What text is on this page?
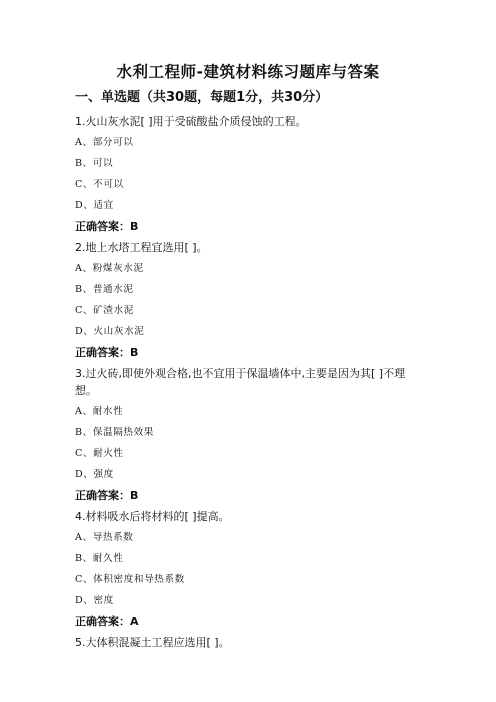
水利工程师-建筑材料练习题库与答案
一、单选题（共30题，每题1分，共30分）

1.火山灰水泥[ ]用于受硫酸盐介质侵蚀的工程。

A、部分可以

B、可以

C、不可以

D、适宜

正确答案：B

2.地上水塔工程宜选用[ ]。

A、粉煤灰水泥

B、普通水泥

C、矿渣水泥

D、火山灰水泥

正确答案：B

3.过火砖,即使外观合格,也不宜用于保温墙体中,主要是因为其[ ]不理想。

A、耐水性

B、保温隔热效果

C、耐火性

D、强度

正确答案：B

4.材料吸水后将材料的[ ]提高。

A、导热系数

B、耐久性

C、体积密度和导热系数

D、密度

正确答案：A

5.大体积混凝土工程应选用[ ]。
